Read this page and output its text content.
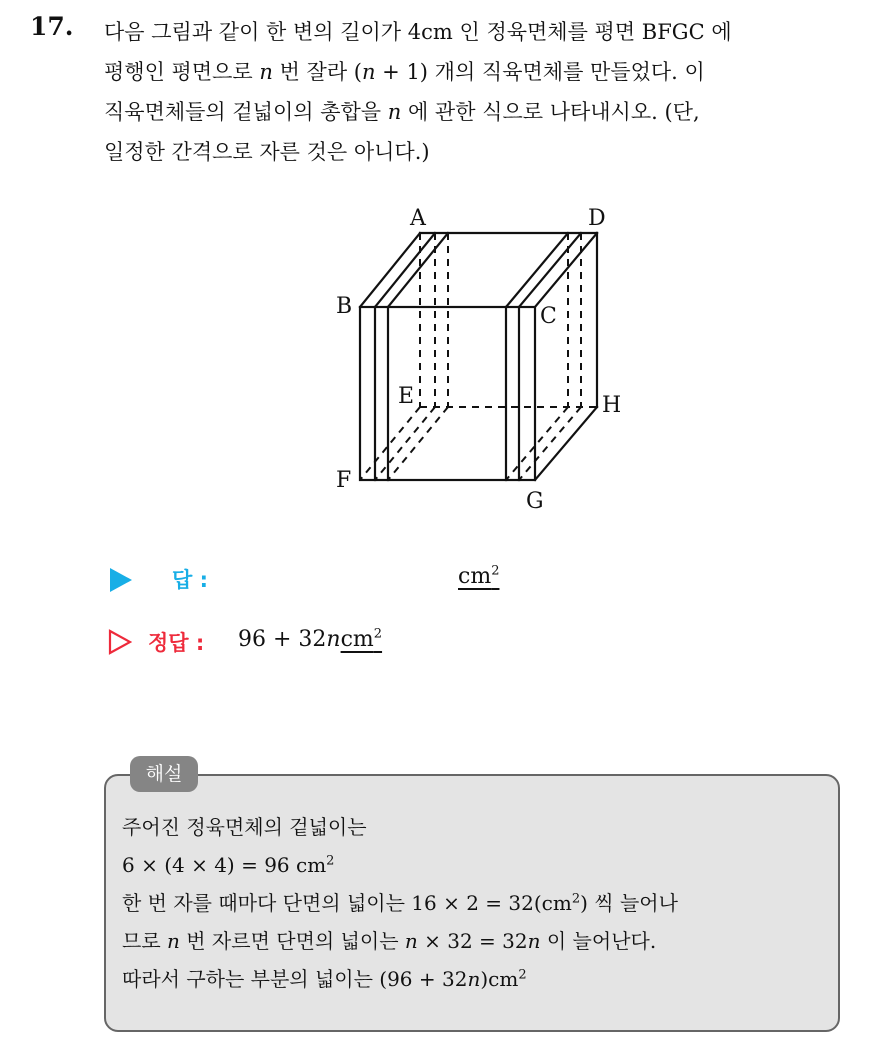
17. 다음 그림과 같이 한 변의 길이가 4cm 인 정육면체를 평면 BFGC 에
평행인 평면으로 n 번 잘라 (n + 1) 개의 직육면체를 만들었다. 이
직육면체들의 겉넓이의 총합을 n 에 관한 식으로 나타내시오. (단,
일정한 간격으로 자른 것은 아니다.)

A	D
B	C
E	H
F
G
답 :	$cm^2$
정답 : 96 + 32ncm$^2$
해설

주어진 정육면체의 겉넓이는
6 × (4 × 4) = 96 $cm^2$
한 번 자를 때마다 단면의 넓이는 $16 \times 2 = 32(cm^2)$ 씩 늘어나
므로 n 번 자르면 단면의 넓이는 n × 32 = 32n 이 늘어난다.
따라서 구하는 부분의 넓이는 $(96 + 32n)cm^2$
